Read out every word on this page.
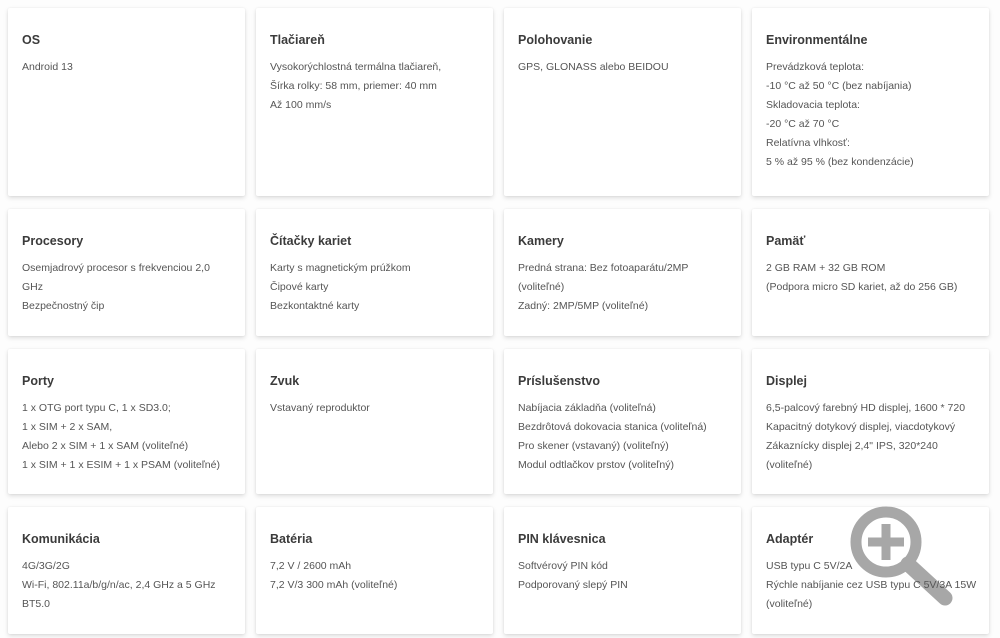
OS
Android 13
Tlačiareň
Vysokorýchlostná termálna tlačiareň,
Šírka rolky: 58 mm, priemer: 40 mm
Až 100 mm/s
Polohovanie
GPS, GLONASS alebo BEIDOU
Environmentálne
Prevádzková teplota:
-10 °C až 50 °C (bez nabíjania)
Skladovacia teplota:
-20 °C až 70 °C
Relatívna vlhkosť:
5 % až 95 % (bez kondenzácie)
Procesory
Osemjadrový procesor s frekvenciou 2,0
GHz
Bezpečnostný čip
Čítačky kariet
Karty s magnetickým prúžkom
Čipové karty
Bezkontaktné karty
Kamery
Predná strana: Bez fotoaparátu/2MP
(voliteľné)
Zadný: 2MP/5MP (voliteľné)
Pamäť
2 GB RAM + 32 GB ROM
(Podpora micro SD kariet, až do 256 GB)
Porty
1 x OTG port typu C, 1 x SD3.0;
1 x SIM + 2 x SAM,
Alebo 2 x SIM + 1 x SAM (voliteľné)
1 x SIM + 1 x ESIM + 1 x PSAM (voliteľné)
Zvuk
Vstavaný reproduktor
Príslušenstvo
Nabíjacia základňa (voliteľná)
Bezdrôtová dokovacia stanica (voliteľná)
Pro skener (vstavaný) (voliteľný)
Modul odtlačkov prstov (voliteľný)
Displej
6,5-palcový farebný HD displej, 1600 * 720
Kapacitný dotykový displej, viacdotykový
Zákaznícky displej 2,4" IPS, 320*240
(voliteľné)
Komunikácia
4G/3G/2G
Wi-Fi, 802.11a/b/g/n/ac, 2,4 GHz a 5 GHz
BT5.0
Batéria
7,2 V / 2600 mAh
7,2 V/3 300 mAh (voliteľné)
PIN klávesnica
Softvérový PIN kód
Podporovaný slepý PIN
Adaptér
USB typu C 5V/2A
Rýchle nabíjanie cez USB typu C 5V/3A 15W
(voliteľné)
